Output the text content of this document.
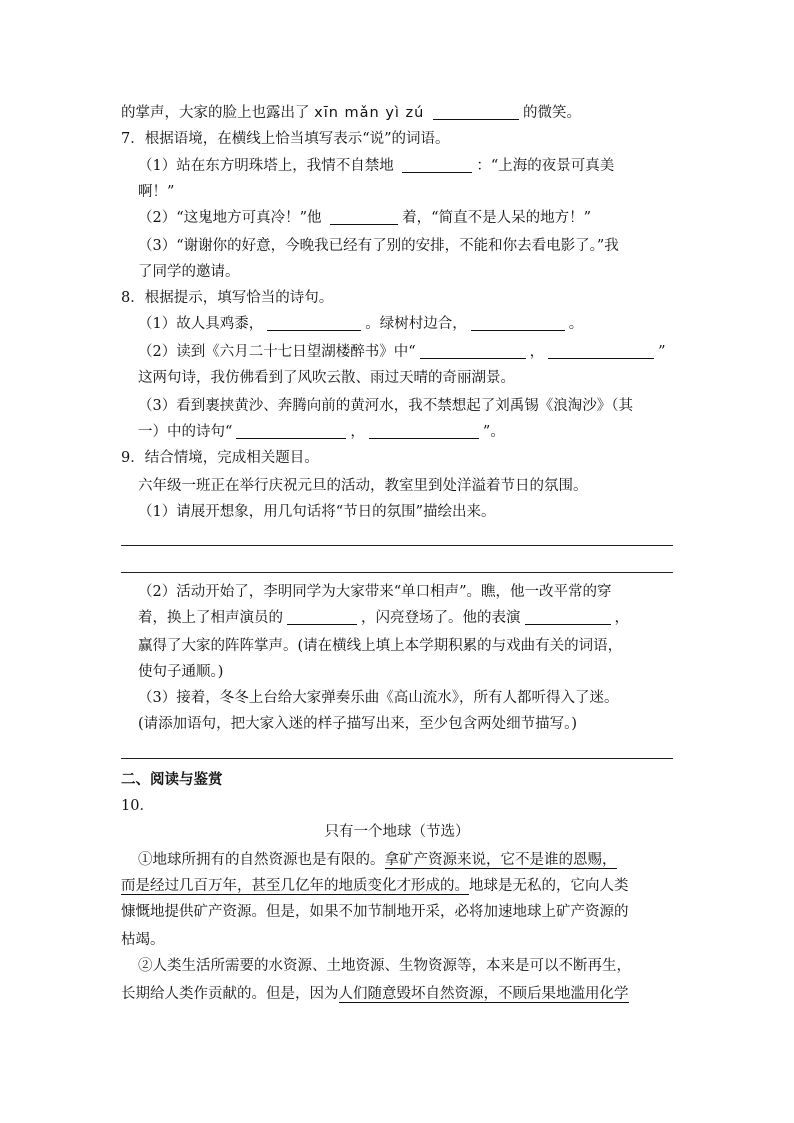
的掌声，大家的脸上也露出了 xīn mǎn yì zú	的微笑。
7．根据语境，在横线上恰当填写表示“说”的词语。
（1）站在东方明珠塔上，我情不自禁地	：“上海的夜景可真美
啊！”
（2）“这鬼地方可真冷！”他	着，“简直不是人呆的地方！”
（3）“谢谢你的好意，今晚我已经有了别的安排，不能和你去看电影了。”我
了同学的邀请。
8．根据提示，填写恰当的诗句。
（1）故人具鸡黍，	。绿树村边合，	。
（2）读到《六月二十七日望湖楼醉书》中“	，	”
这两句诗，我仿佛看到了风吹云散、雨过天晴的奇丽湖景。
（3）看到裹挟黄沙、奔腾向前的黄河水，我不禁想起了刘禹锡《浪淘沙》（其
一）中的诗句“	，	”。
9．结合情境，完成相关题目。
六年级一班正在举行庆祝元旦的活动，教室里到处洋溢着节日的氛围。
（1）请展开想象，用几句话将“节日的氛围”描绘出来。
（2）活动开始了，李明同学为大家带来“单口相声”。瞧，他一改平常的穿
着，换上了相声演员的	，闪亮登场了。他的表演	，
赢得了大家的阵阵掌声。(请在横线上填上本学期积累的与戏曲有关的词语，
使句子通顺。)
（3）接着，冬冬上台给大家弹奏乐曲《高山流水》，所有人都听得入了迷。
(请添加语句，把大家入迷的样子描写出来，至少包含两处细节描写。)
二、阅读与鉴赏
10．
只有一个地球（节选）
①地球所拥有的自然资源也是有限的。拿矿产资源来说，它不是谁的恩赐，
而是经过几百万年，甚至几亿年的地质变化才形成的。地球是无私的，它向人类
慷慨地提供矿产资源。但是，如果不加节制地开采，必将加速地球上矿产资源的
枯竭。
②人类生活所需要的水资源、土地资源、生物资源等，本来是可以不断再生，
长期给人类作贡献的。但是，因为人们随意毁坏自然资源，不顾后果地滥用化学
